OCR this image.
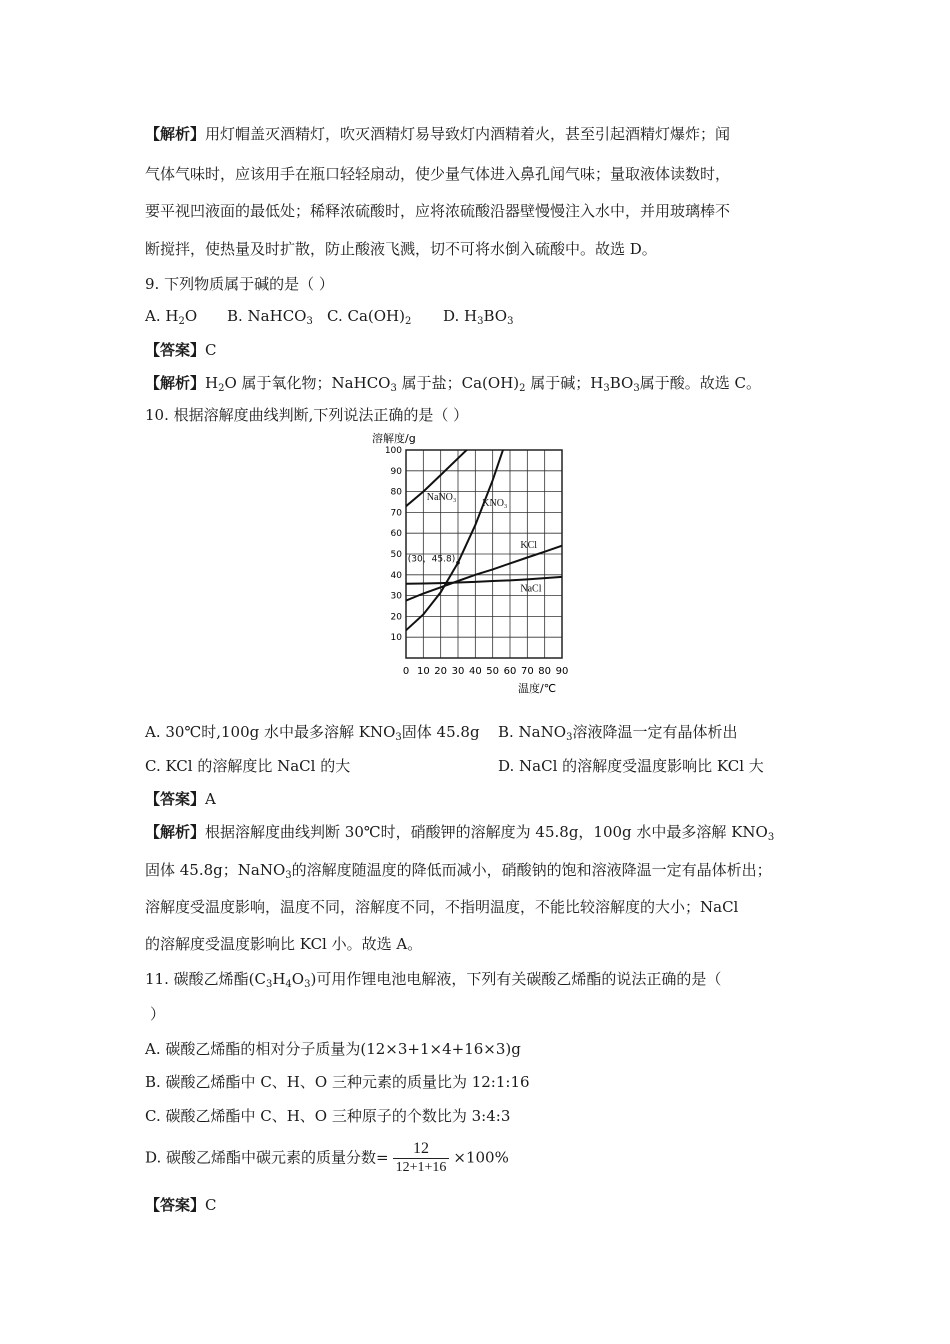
【解析】用灯帽盖灭酒精灯，吹灭酒精灯易导致灯内酒精着火，甚至引起酒精灯爆炸；闻
气体气味时，应该用手在瓶口轻轻扇动，使少量气体进入鼻孔闻气味；量取液体读数时，
要平视凹液面的最低处；稀释浓硫酸时，应将浓硫酸沿器壁慢慢注入水中，并用玻璃棒不
断搅拌，使热量及时扩散，防止酸液飞溅，切不可将水倒入硫酸中。故选 D。
9. 下列物质属于碱的是（ ）
A. $H_2O$ B. NaHCO$_3$ C. $Ca(OH)_2$ D. $H_3BO_3$
【答案】C
【解析】$H_2O$ 属于氧化物；NaHCO$_3$ 属于盐；$Ca(OH)_2$ 属于碱；$H_3BO_3$属于酸。故选 C。
10. 根据溶解度曲线判断,下列说法正确的是（ ）
0 10 20 30 40 50 60 70 80 90
10
20
30
40
50
60
70
80
90
100
NaNO₃
KNO₃
KCl
NaCl
(30，45.8)
溶解度/g
温度/℃
A. 30℃时,100g 水中最多溶解 $KNO_3$固体 45.8g B. NaNO$_3$溶液降温一定有晶体析出
C. KCl 的溶解度比 NaCl 的大	D. NaCl 的溶解度受温度影响比 KCl 大
【答案】A
【解析】根据溶解度曲线判断 30℃时，硝酸钾的溶解度为 45.8g，100g 水中最多溶解 $KNO_3$
固体 45.8g；NaNO$_3$的溶解度随温度的降低而减小，硝酸钠的饱和溶液降温一定有晶体析出；
溶解度受温度影响，温度不同，溶解度不同，不指明温度，不能比较溶解度的大小；NaCl
的溶解度受温度影响比 KCl 小。故选 A。
11. 碳酸乙烯酯$(C_3H_4O_3)$可用作锂电池电解液，下列有关碳酸乙烯酯的说法正确的是（
）
A. 碳酸乙烯酯的相对分子质量为(12×3+1×4+16×3)g
B. 碳酸乙烯酯中 C、H、O 三种元素的质量比为 12:1:16
C. 碳酸乙烯酯中 C、H、O 三种原子的个数比为 3:4:3
D. 碳酸乙烯酯中碳元素的质量分数= $\frac{12}{12+1+16} \times 100\%$
【答案】C
